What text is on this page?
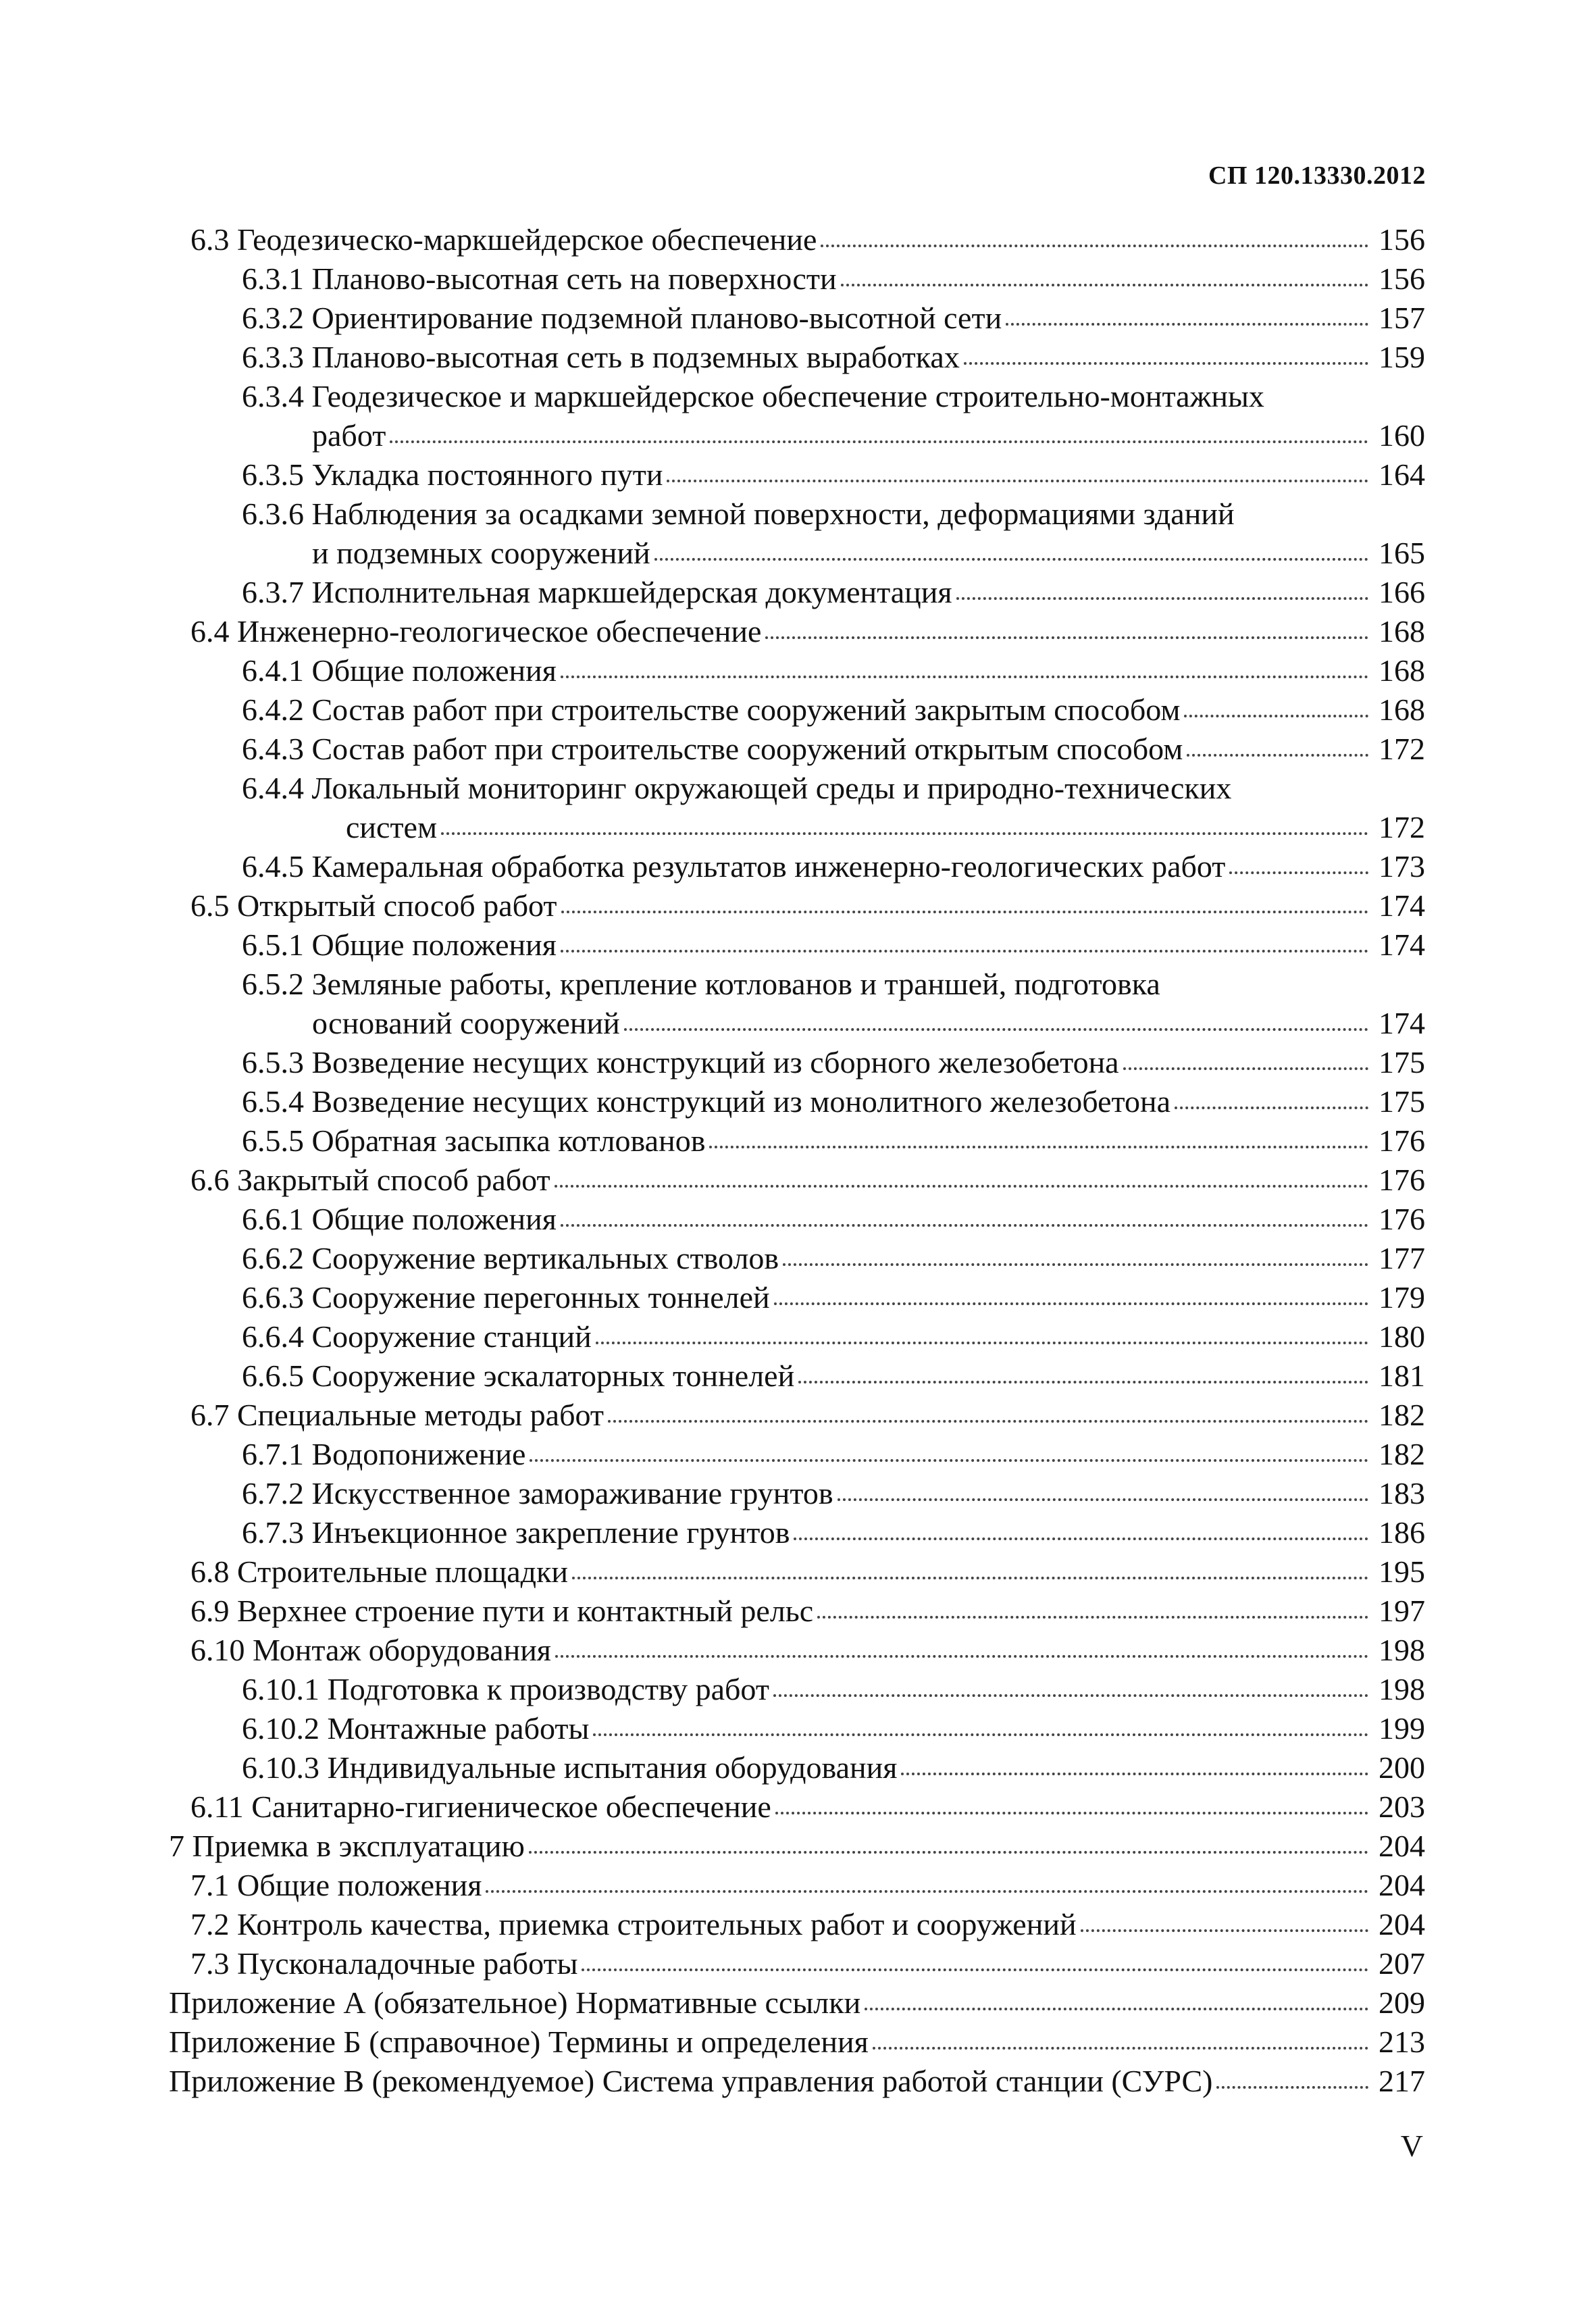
СП 120.13330.2012
6.3 Геодезическо-маркшейдерское обеспечение	156
6.3.1 Планово-высотная сеть на поверхности	156
6.3.2 Ориентирование подземной планово-высотной сети	157
6.3.3 Планово-высотная сеть в подземных выработках	159
6.3.4 Геодезическое и маркшейдерское обеспечение строительно-монтажных
работ	160
6.3.5 Укладка постоянного пути	164
6.3.6 Наблюдения за осадками земной поверхности, деформациями зданий
и подземных сооружений	165
6.3.7 Исполнительная маркшейдерская документация	166
6.4 Инженерно-геологическое обеспечение	168
6.4.1 Общие положения	168
6.4.2 Состав работ при строительстве сооружений закрытым способом	168
6.4.3 Состав работ при строительстве сооружений открытым способом	172
6.4.4 Локальный мониторинг окружающей среды и природно-технических
систем	172
6.4.5 Камеральная обработка результатов инженерно-геологических работ	173
6.5 Открытый способ работ	174
6.5.1 Общие положения	174
6.5.2 Земляные работы, крепление котлованов и траншей, подготовка
оснований сооружений	174
6.5.3 Возведение несущих конструкций из сборного железобетона	175
6.5.4 Возведение несущих конструкций из монолитного железобетона	175
6.5.5 Обратная засыпка котлованов	176
6.6 Закрытый способ работ	176
6.6.1 Общие положения	176
6.6.2 Сооружение вертикальных стволов	177
6.6.3 Сооружение перегонных тоннелей	179
6.6.4 Сооружение станций	180
6.6.5 Сооружение эскалаторных тоннелей	181
6.7 Специальные методы работ	182
6.7.1 Водопонижение	182
6.7.2 Искусственное замораживание грунтов	183
6.7.3 Инъекционное закрепление грунтов	186
6.8 Строительные площадки	195
6.9 Верхнее строение пути и контактный рельс	197
6.10 Монтаж оборудования	198
6.10.1 Подготовка к производству работ	198
6.10.2 Монтажные работы	199
6.10.3 Индивидуальные испытания оборудования	200
6.11 Санитарно-гигиеническое обеспечение	203
7 Приемка в эксплуатацию	204
7.1 Общие положения	204
7.2 Контроль качества, приемка строительных работ и сооружений	204
7.3 Пусконаладочные работы	207
Приложение А (обязательное) Нормативные ссылки	209
Приложение Б (справочное) Термины и определения	213
Приложение В (рекомендуемое) Система управления работой станции (СУРС)	217
V
